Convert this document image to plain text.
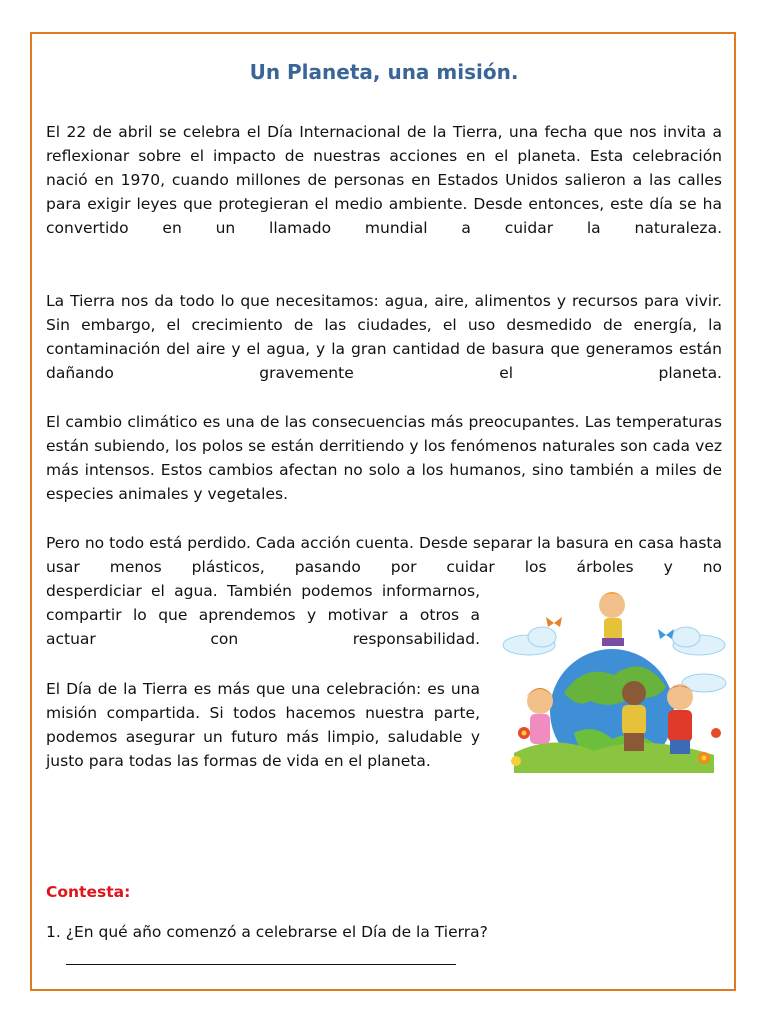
Un Planeta, una misión.

El 22 de abril se celebra el Día Internacional de la Tierra, una fecha que nos invita a reflexionar sobre el impacto de nuestras acciones en el planeta. Esta celebración nació en 1970, cuando millones de personas en Estados Unidos salieron a las calles para exigir leyes que protegieran el medio ambiente. Desde entonces, este día se ha convertido en un llamado mundial a cuidar la naturaleza.

La Tierra nos da todo lo que necesitamos: agua, aire, alimentos y recursos para vivir. Sin embargo, el crecimiento de las ciudades, el uso desmedido de energía, la contaminación del aire y el agua, y la gran cantidad de basura que generamos están dañando gravemente el planeta.

El cambio climático es una de las consecuencias más preocupantes. Las temperaturas están subiendo, los polos se están derritiendo y los fenómenos naturales son cada vez más intensos. Estos cambios afectan no solo a los humanos, sino también a miles de especies animales y vegetales.

Pero no todo está perdido. Cada acción cuenta. Desde separar la basura en casa hasta usar menos plásticos, pasando por cuidar los árboles y no

desperdiciar el agua. También podemos informarnos, compartir lo que aprendemos y motivar a otros a actuar con responsabilidad.

El Día de la Tierra es más que una celebración: es una misión compartida. Si todos hacemos nuestra parte, podemos asegurar un futuro más limpio, saludable y justo para todas las formas de vida en el planeta.

Contesta:

1. ¿En qué año comenzó a celebrarse el Día de la Tierra?
